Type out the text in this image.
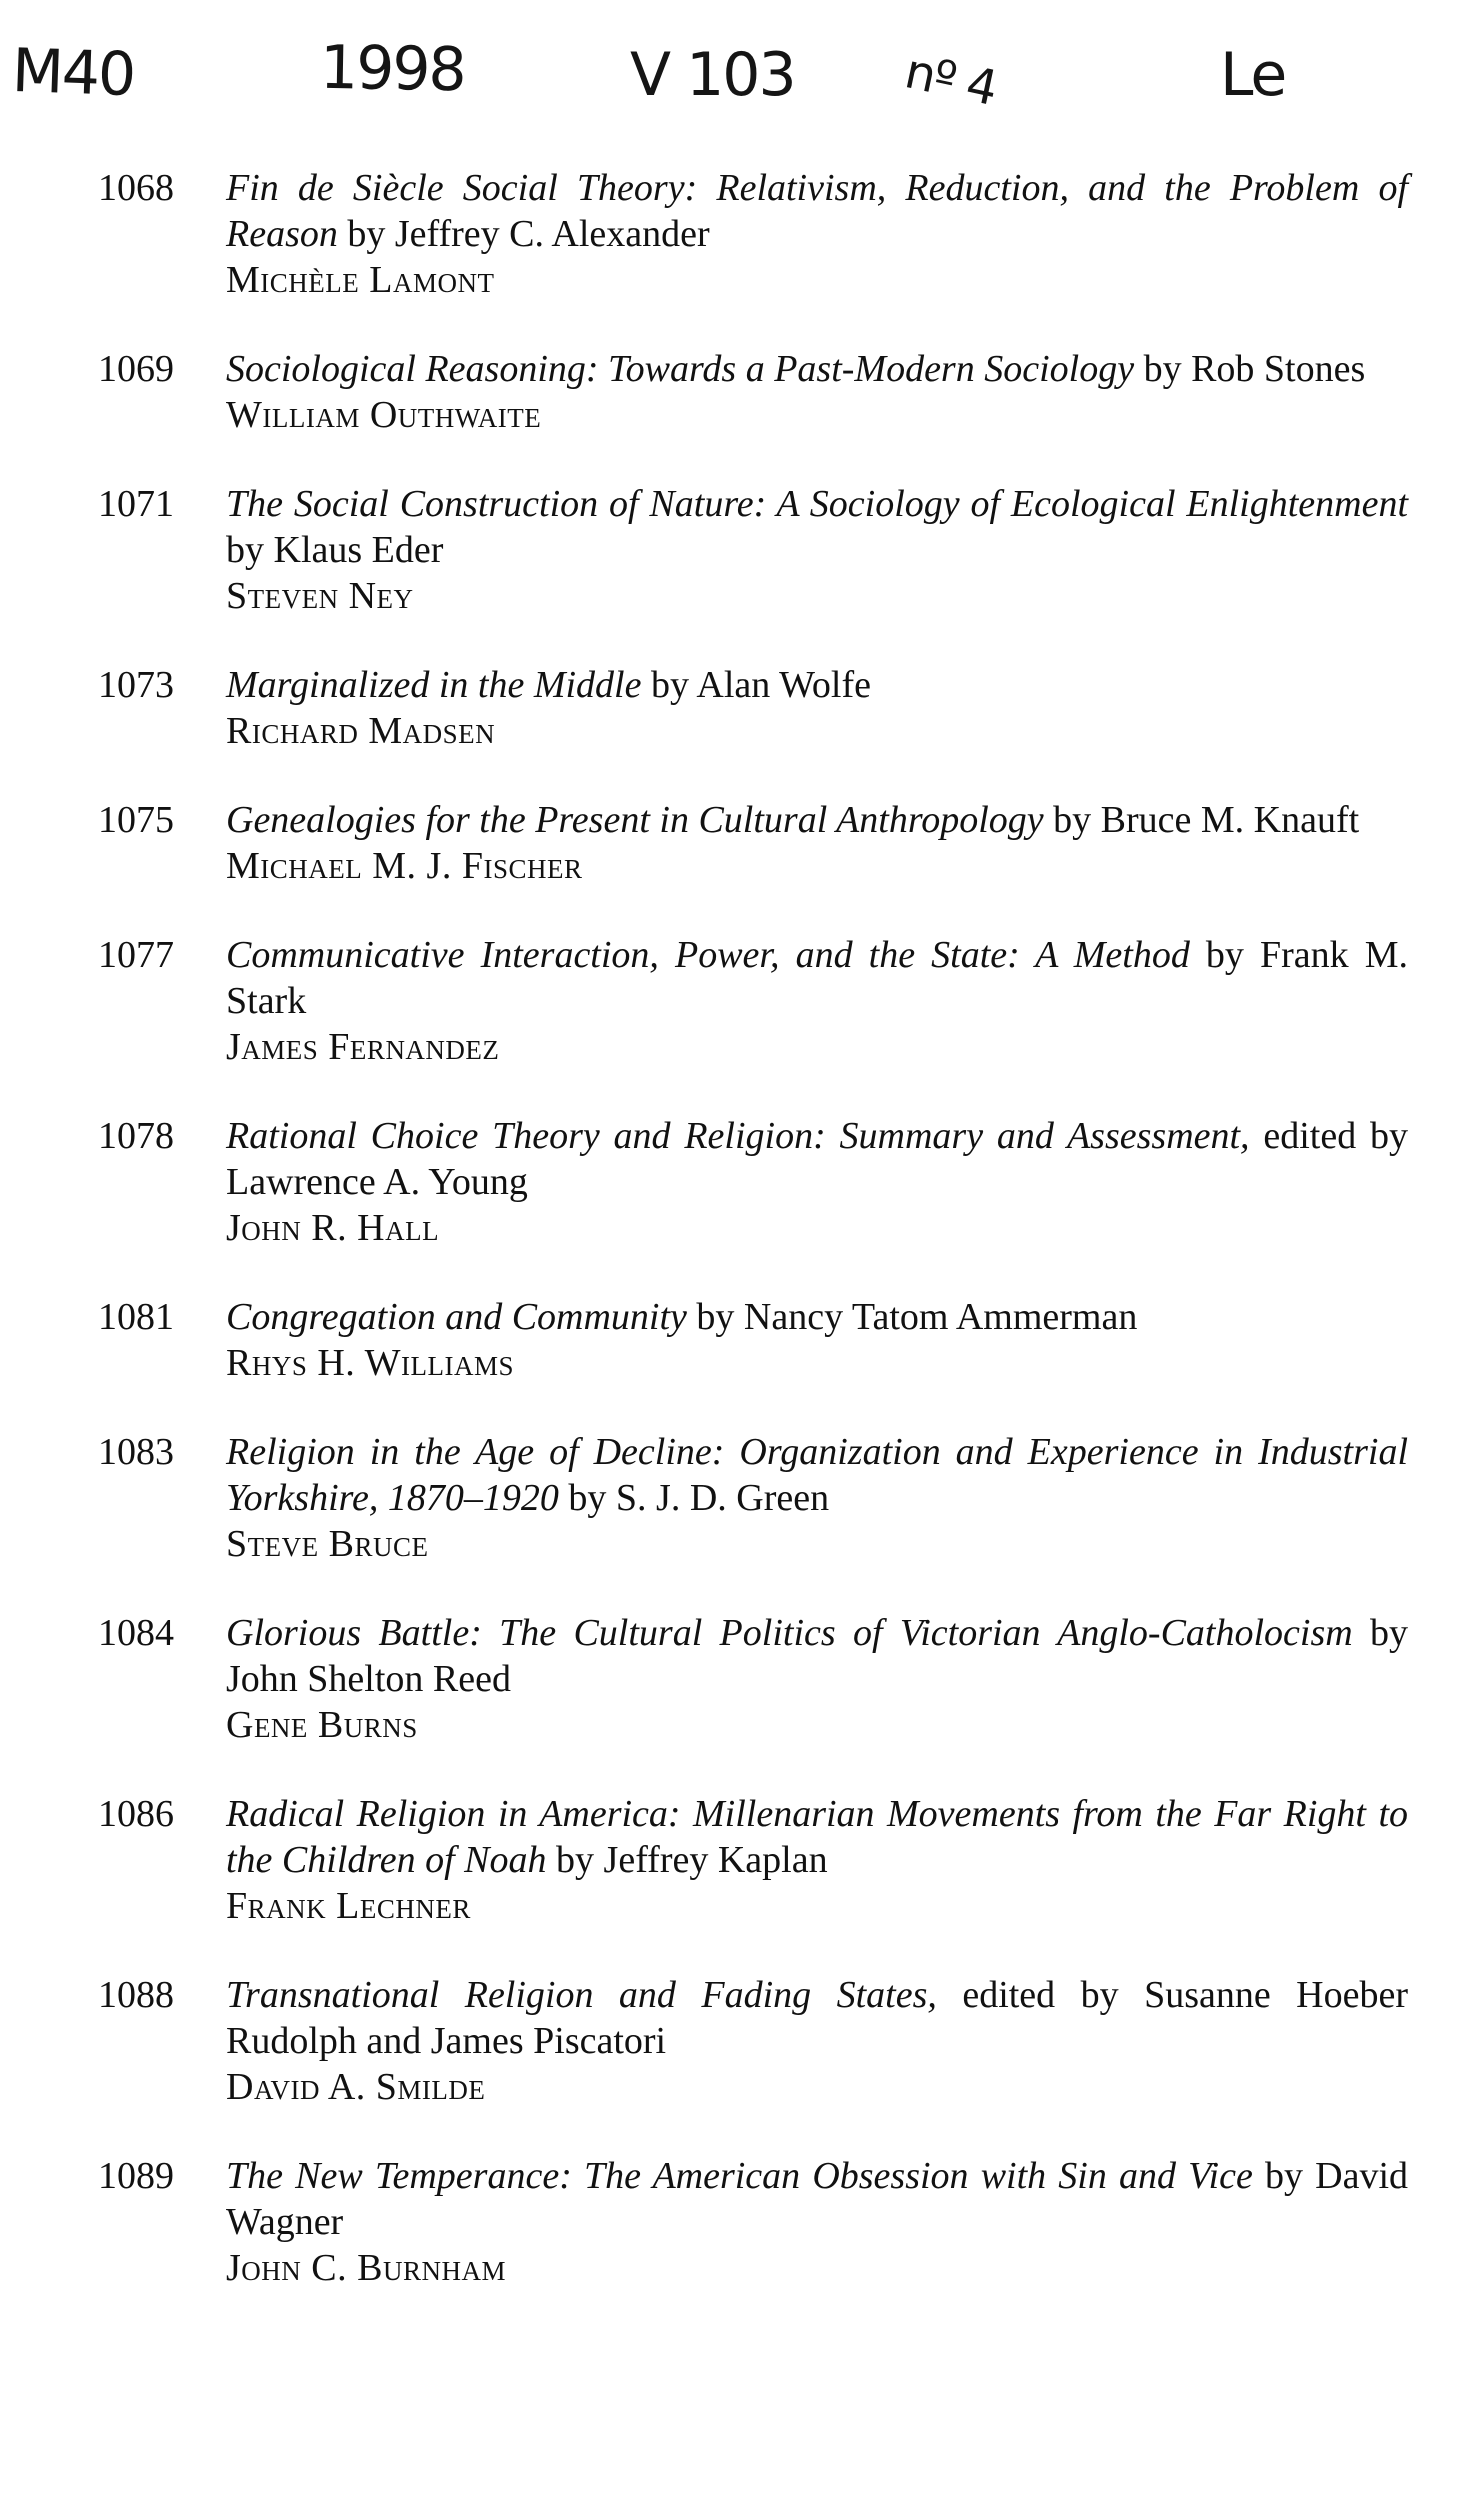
M40	1998	V 103 nº 4	Le
1068	Fin de Siècle Social Theory: Relativism, Reduction, and the Problem of Reason by Jeffrey C. Alexander
Michèle Lamont
1069	Sociological Reasoning: Towards a Past-Modern Sociology by Rob Stones
William Outhwaite
1071	The Social Construction of Nature: A Sociology of Ecological Enlightenment by Klaus Eder
Steven Ney
1073	Marginalized in the Middle by Alan Wolfe
Richard Madsen
1075	Genealogies for the Present in Cultural Anthropology by Bruce M. Knauft
Michael M. J. Fischer
1077	Communicative Interaction, Power, and the State: A Method by Frank M. Stark
James Fernandez
1078	Rational Choice Theory and Religion: Summary and Assessment, edited by Lawrence A. Young
John R. Hall
1081	Congregation and Community by Nancy Tatom Ammerman
Rhys H. Williams
1083	Religion in the Age of Decline: Organization and Experience in Industrial Yorkshire, 1870–1920 by S. J. D. Green
Steve Bruce
1084	Glorious Battle: The Cultural Politics of Victorian Anglo-Catholocism by John Shelton Reed
Gene Burns
1086	Radical Religion in America: Millenarian Movements from the Far Right to the Children of Noah by Jeffrey Kaplan
Frank Lechner
1088	Transnational Religion and Fading States, edited by Susanne Hoeber Rudolph and James Piscatori
David A. Smilde
1089	The New Temperance: The American Obsession with Sin and Vice by David Wagner
John C. Burnham
